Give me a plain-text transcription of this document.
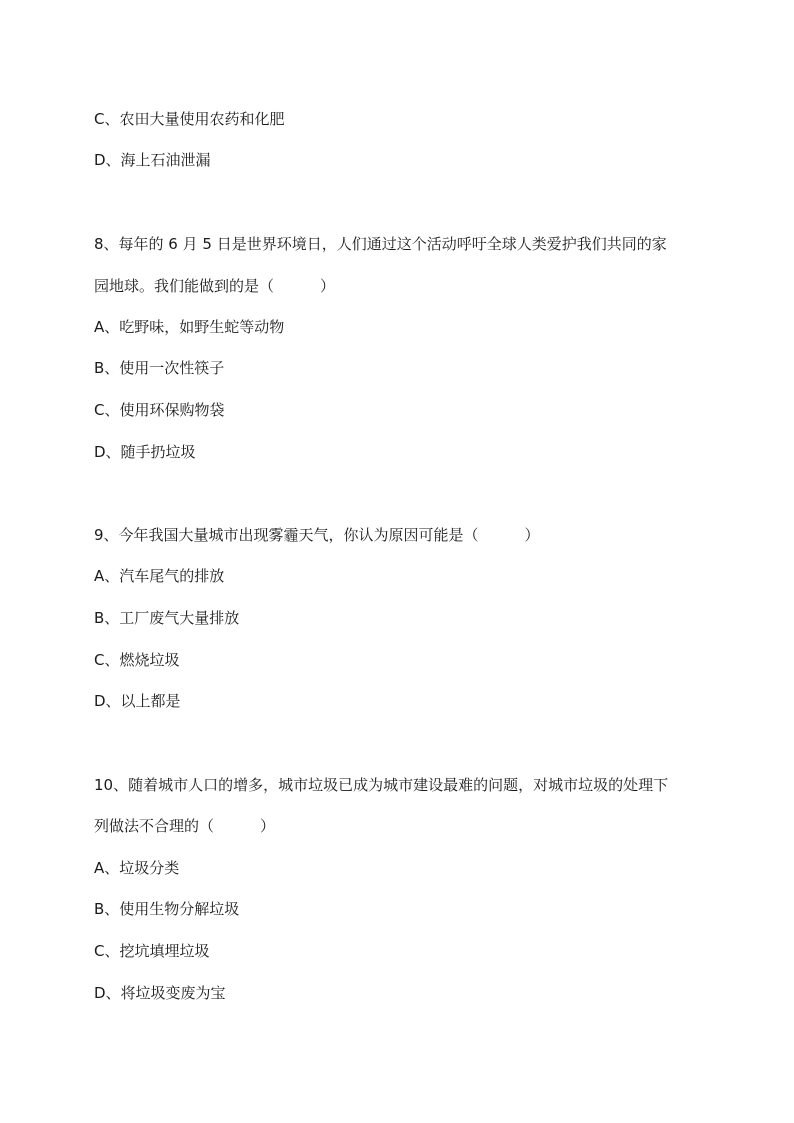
C、农田大量使用农药和化肥
D、海上石油泄漏
8、每年的 6 月 5 日是世界环境日，人们通过这个活动呼吁全球人类爱护我们共同的家
园地球。我们能做到的是（	）
A、吃野味，如野生蛇等动物
B、使用一次性筷子
C、使用环保购物袋
D、随手扔垃圾
9、今年我国大量城市出现雾霾天气，你认为原因可能是（	）
A、汽车尾气的排放
B、工厂废气大量排放
C、燃烧垃圾
D、以上都是
10、随着城市人口的增多，城市垃圾已成为城市建设最难的问题，对城市垃圾的处理下
列做法不合理的（	）
A、垃圾分类
B、使用生物分解垃圾
C、挖坑填埋垃圾
D、将垃圾变废为宝
